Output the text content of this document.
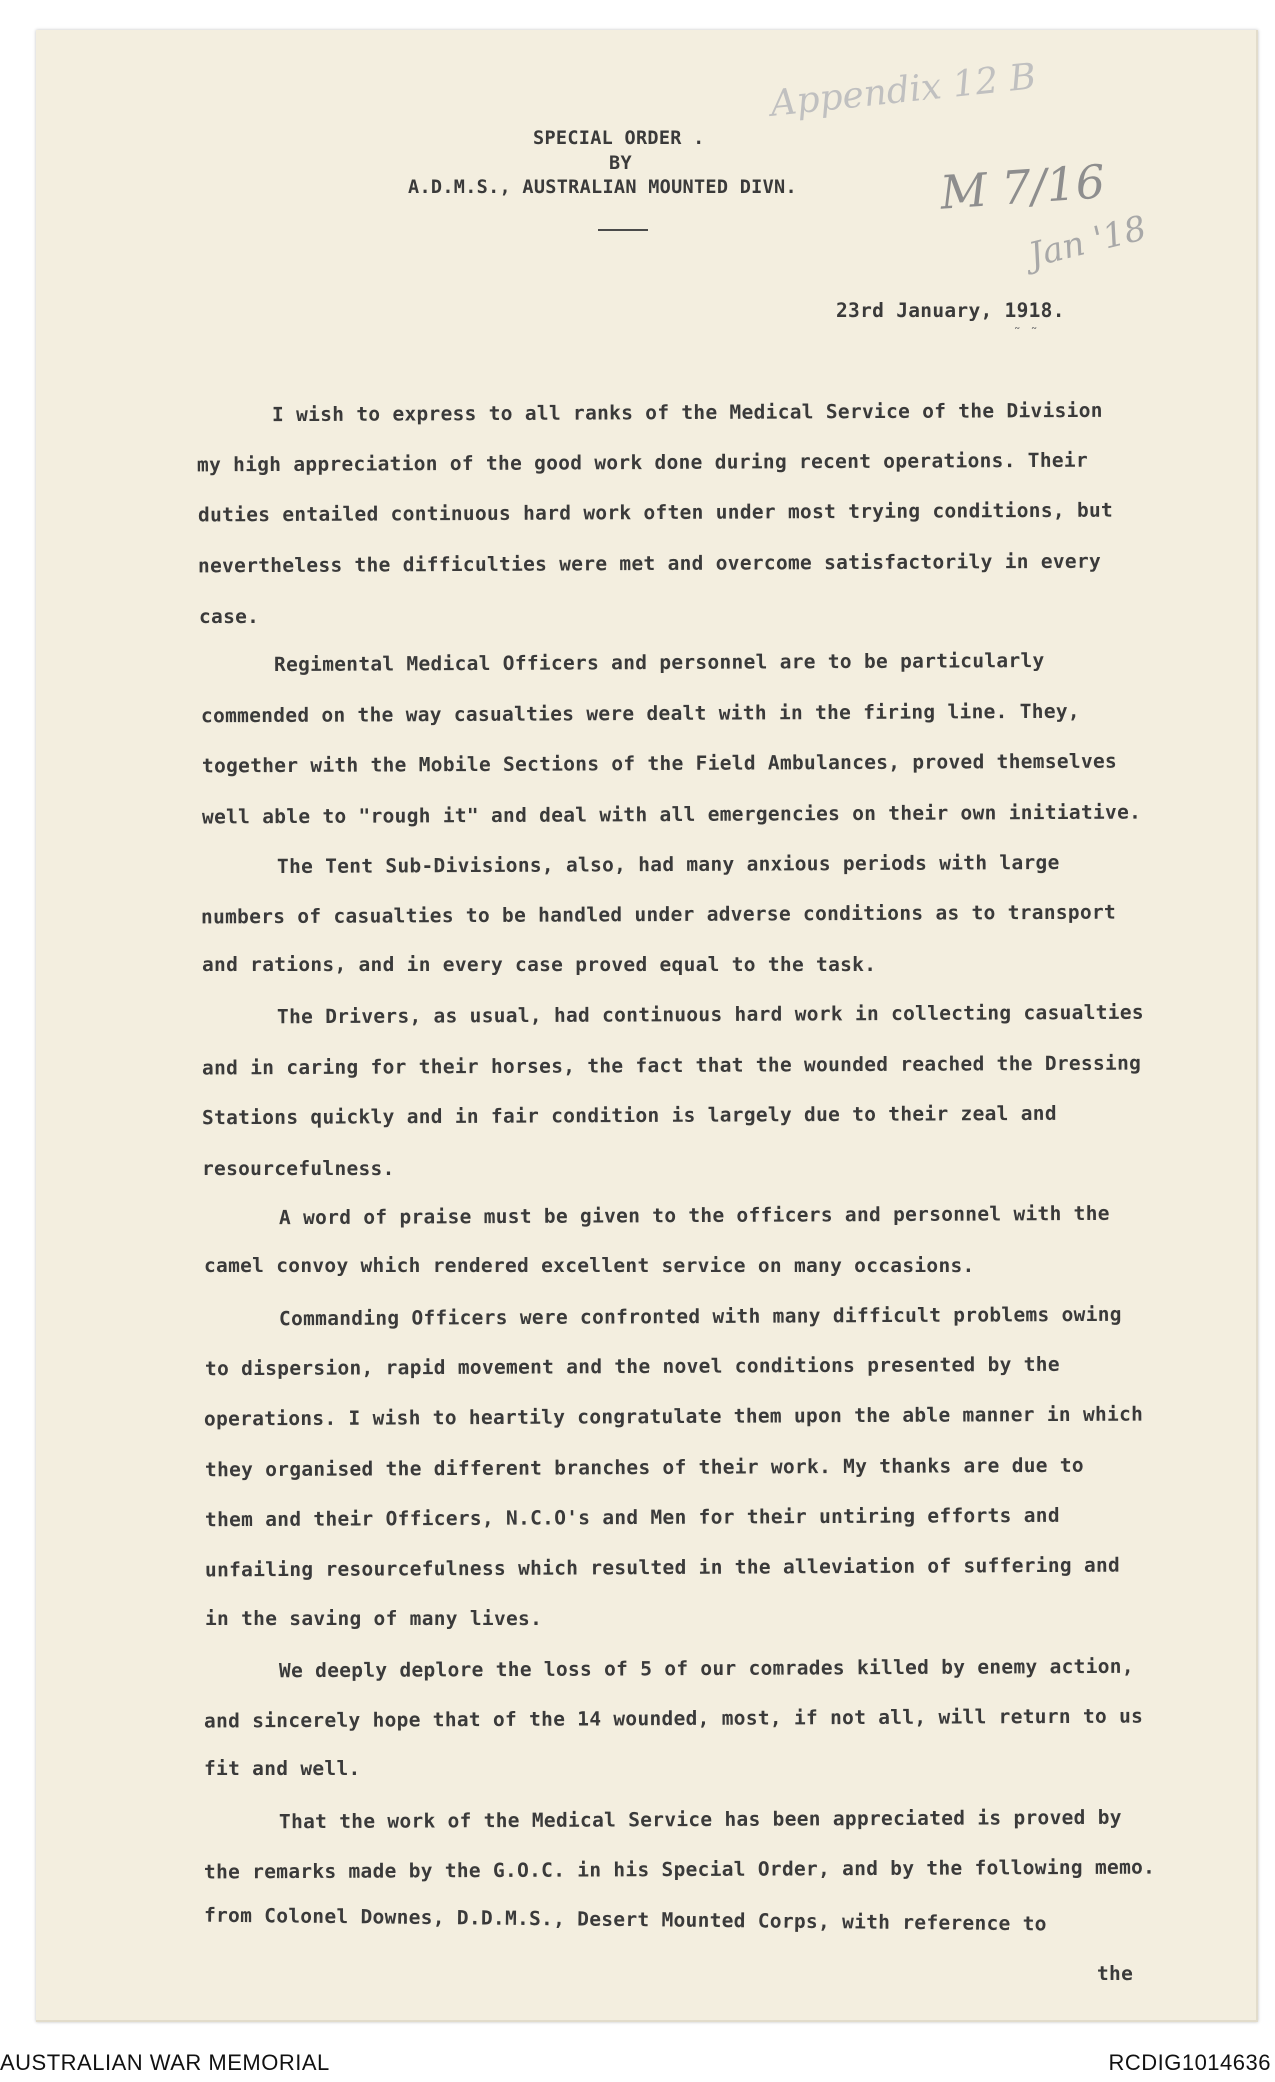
SPECIAL ORDER .
BY
A.D.M.S., AUSTRALIAN MOUNTED DIVN.
Appendix 12 B
M 7/16
Jan '18
23rd January, 1918.
˜ ˜
I wish to express to all ranks of the Medical Service of the Division
my high appreciation of the good work done during recent operations. Their
duties entailed continuous hard work often under most trying conditions, but
nevertheless the difficulties were met and overcome satisfactorily in every
case.
Regimental Medical Officers and personnel are to be particularly
commended on the way casualties were dealt with in the firing line. They,
together with the Mobile Sections of the Field Ambulances, proved themselves
well able to "rough it" and deal with all emergencies on their own initiative.
The Tent Sub-Divisions, also, had many anxious periods with large
numbers of casualties to be handled under adverse conditions as to transport
and rations, and in every case proved equal to the task.
The Drivers, as usual, had continuous hard work in collecting casualties
and in caring for their horses, the fact that the wounded reached the Dressing
Stations quickly and in fair condition is largely due to their zeal and
resourcefulness.
A word of praise must be given to the officers and personnel with the
camel convoy which rendered excellent service on many occasions.
Commanding Officers were confronted with many difficult problems owing
to dispersion, rapid movement and the novel conditions presented by the
operations. I wish to heartily congratulate them upon the able manner in which
they organised the different branches of their work. My thanks are due to
them and their Officers, N.C.O's and Men for their untiring efforts and
unfailing resourcefulness which resulted in the alleviation of suffering and
in the saving of many lives.
We deeply deplore the loss of 5 of our comrades killed by enemy action,
and sincerely hope that of the 14 wounded, most, if not all, will return to us
fit and well.
That the work of the Medical Service has been appreciated is proved by
the remarks made by the G.O.C. in his Special Order, and by the following memo.
from Colonel Downes, D.D.M.S., Desert Mounted Corps, with reference to
the
AUSTRALIAN WAR MEMORIAL	RCDIG1014636
